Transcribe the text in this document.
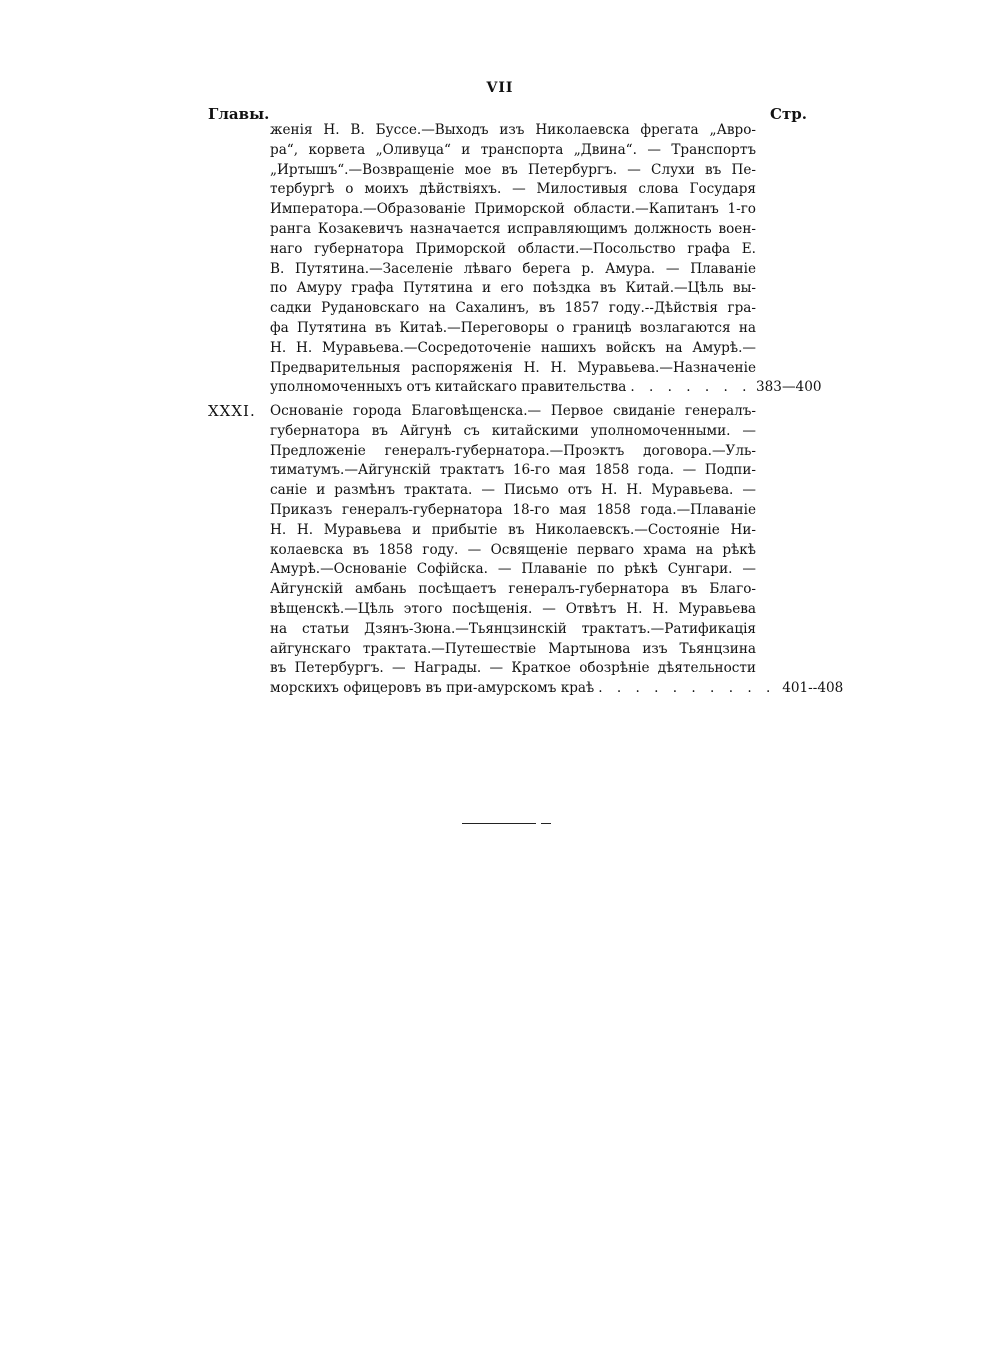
VII
Главы.	Стр.
женія Н. В. Буссе.—Выходъ изъ Николаевска фрегата „Авро-
ра“, корвета „Оливуца“ и транспорта „Двина“. — Транспортъ
„Иртышъ“.—Возвращеніе мое въ Петербургъ. — Слухи въ Пе-
тербургѣ о моихъ дѣйствіяхъ. — Милостивыя слова Государя
Императора.—Образованіе Приморской области.—Капитанъ 1-го
ранга Козакевичъ назначается исправляющимъ должность воен-
наго губернатора Приморской области.—Посольство графа Е.
В. Путятина.—Заселеніе лѣваго берега р. Амура. — Плаваніе
по Амуру графа Путятина и его поѣздка въ Китай.—Цѣль вы-
садки Рудановскаго на Сахалинъ, въ 1857 году.--Дѣйствія гра-
фа Путятина въ Китаѣ.—Переговоры о границѣ возлагаются на
Н. Н. Муравьева.—Сосредоточеніе нашихъ войскъ на Амурѣ.—
Предварительныя распоряженія Н. Н. Муравьева.—Назначеніе
уполномоченныхъ отъ китайскаго правительства . . . . . . . 383—400
XXXI.	Основаніе города Благовѣщенска.— Первое свиданіе генералъ-
губернатора въ Айгунѣ съ китайскими уполномоченными. —
Предложеніе генералъ-губернатора.—Проэктъ договора.—Уль-
тиматумъ.—Айгунскій трактатъ 16-го мая 1858 года. — Подпи-
саніе и размѣнъ трактата. — Письмо отъ Н. Н. Муравьева. —
Приказъ генералъ-губернатора 18-го мая 1858 года.—Плаваніе
Н. Н. Муравьева и прибытіе въ Николаевскъ.—Состояніе Ни-
колаевска въ 1858 году. — Освященіе перваго храма на рѣкѣ
Амурѣ.—Основаніе Софійска. — Плаваніе по рѣкѣ Сунгари. —
Айгунскій амбань посѣщаетъ генералъ-губернатора въ Благо-
вѣщенскѣ.—Цѣль этого посѣщенія. — Отвѣтъ Н. Н. Муравьева
на статьи Дзянъ-Зюна.—Тьянцзинскій трактатъ.—Ратификація
айгунскаго трактата.—Путешествіе Мартынова изъ Тьянцзина
въ Петербургъ. — Награды. — Краткое обозрѣніе дѣятельности
морскихъ офицеровъ въ при-амурскомъ краѣ . . . . . . . . . . 401--408
